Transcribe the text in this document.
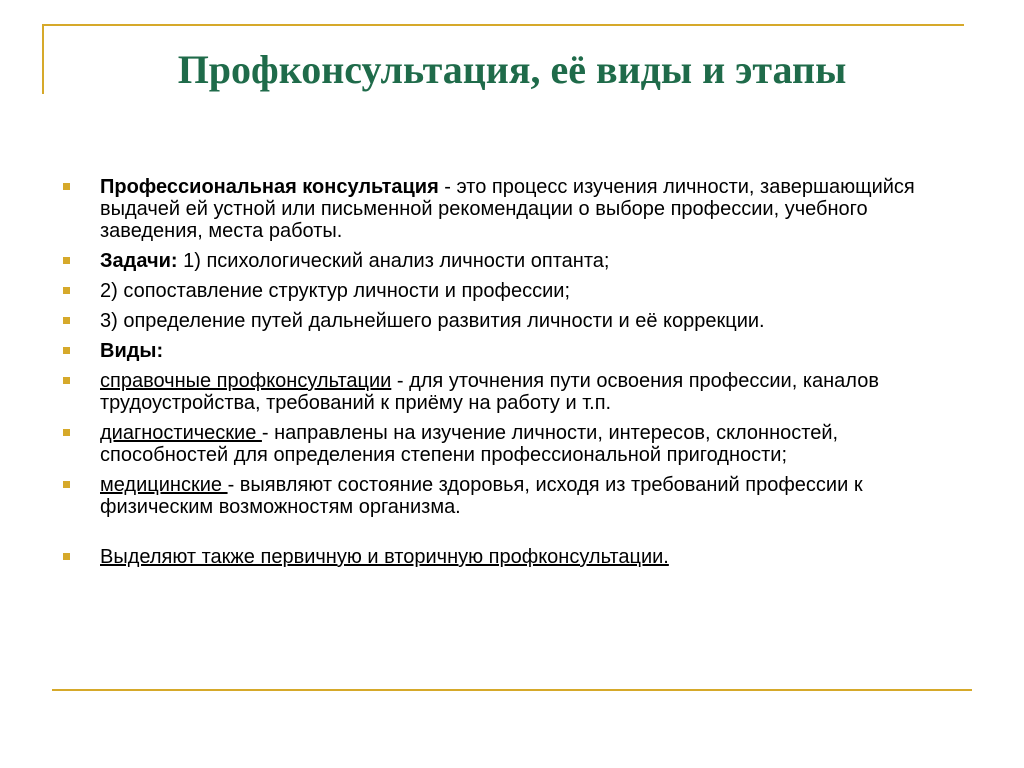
Профконсультация, её виды и этапы
Профессиональная консультация - это процесс изучения личности, завершающийся выдачей ей устной или письменной рекомендации о выборе профессии, учебного заведения, места работы.
Задачи: 1) психологический анализ личности оптанта;
2) сопоставление структур личности и профессии;
3) определение путей дальнейшего развития личности и её коррекции.
Виды:
справочные профконсультации - для уточнения пути освоения профессии, каналов трудоустройства, требований к приёму на работу и т.п.
диагностические - направлены на изучение личности, интересов, склонностей, способностей для определения степени профессиональной пригодности;
медицинские - выявляют состояние здоровья, исходя из требований профессии к физическим возможностям организма.
Выделяют также первичную и вторичную профконсультации.
